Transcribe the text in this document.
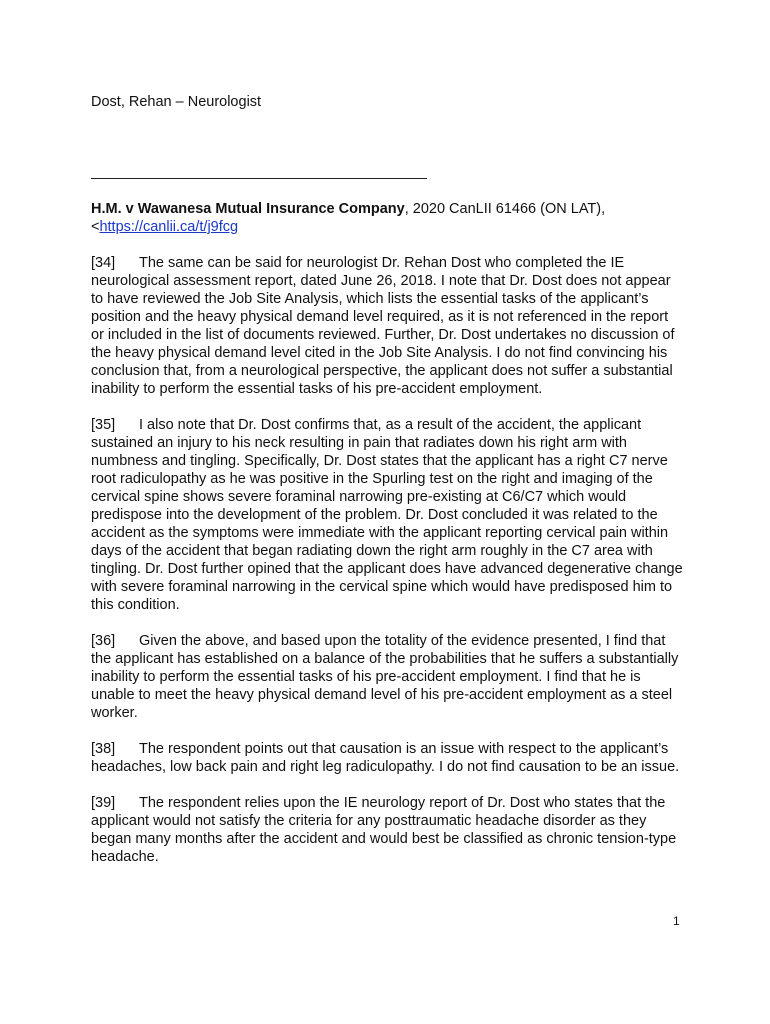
Dost, Rehan – Neurologist
H.M. v Wawanesa Mutual Insurance Company, 2020 CanLII 61466 (ON LAT),
<https://canlii.ca/t/j9fcg

[34] The same can be said for neurologist Dr. Rehan Dost who completed the IE neurological assessment report, dated June 26, 2018. I note that Dr. Dost does not appear to have reviewed the Job Site Analysis, which lists the essential tasks of the applicant’s position and the heavy physical demand level required, as it is not referenced in the report or included in the list of documents reviewed. Further, Dr. Dost undertakes no discussion of the heavy physical demand level cited in the Job Site Analysis. I do not find convincing his conclusion that, from a neurological perspective, the applicant does not suffer a substantial inability to perform the essential tasks of his pre-accident employment.

[35] I also note that Dr. Dost confirms that, as a result of the accident, the applicant sustained an injury to his neck resulting in pain that radiates down his right arm with numbness and tingling. Specifically, Dr. Dost states that the applicant has a right C7 nerve root radiculopathy as he was positive in the Spurling test on the right and imaging of the cervical spine shows severe foraminal narrowing pre-existing at C6/C7 which would predispose into the development of the problem. Dr. Dost concluded it was related to the accident as the symptoms were immediate with the applicant reporting cervical pain within days of the accident that began radiating down the right arm roughly in the C7 area with tingling. Dr. Dost further opined that the applicant does have advanced degenerative change with severe foraminal narrowing in the cervical spine which would have predisposed him to this condition.

[36] Given the above, and based upon the totality of the evidence presented, I find that the applicant has established on a balance of the probabilities that he suffers a substantially inability to perform the essential tasks of his pre-accident employment. I find that he is unable to meet the heavy physical demand level of his pre-accident employment as a steel worker.

[38] The respondent points out that causation is an issue with respect to the applicant’s headaches, low back pain and right leg radiculopathy. I do not find causation to be an issue.

[39] The respondent relies upon the IE neurology report of Dr. Dost who states that the applicant would not satisfy the criteria for any posttraumatic headache disorder as they began many months after the accident and would best be classified as chronic tension-type headache.

1
